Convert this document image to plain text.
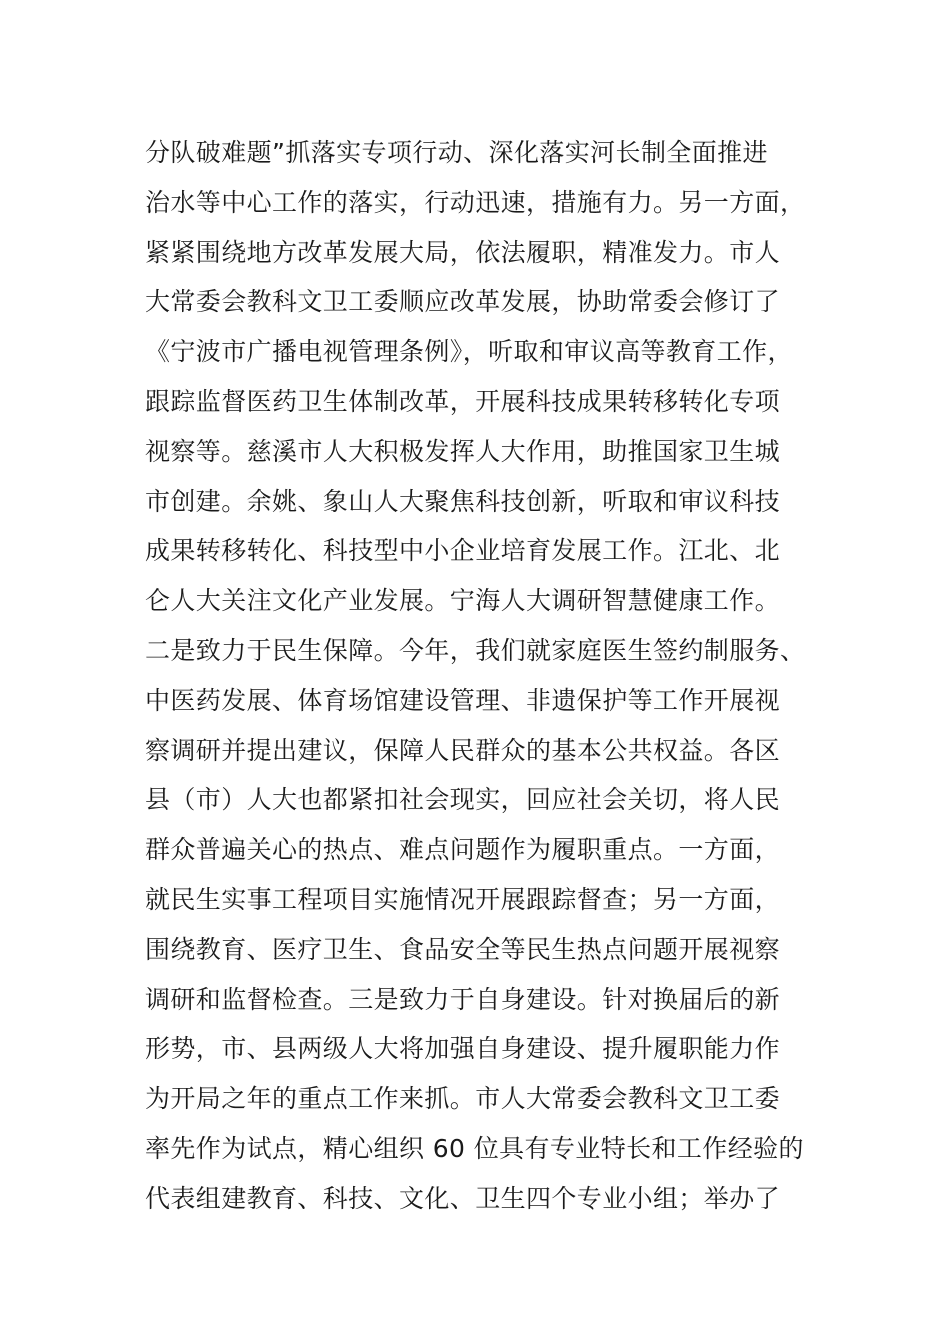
分队破难题”抓落实专项行动、深化落实河长制全面推进
治水等中心工作的落实，行动迅速，措施有力。另一方面，
紧紧围绕地方改革发展大局，依法履职，精准发力。市人
大常委会教科文卫工委顺应改革发展，协助常委会修订了
《宁波市广播电视管理条例》，听取和审议高等教育工作，
跟踪监督医药卫生体制改革，开展科技成果转移转化专项
视察等。慈溪市人大积极发挥人大作用，助推国家卫生城
市创建。余姚、象山人大聚焦科技创新，听取和审议科技
成果转移转化、科技型中小企业培育发展工作。江北、北
仑人大关注文化产业发展。宁海人大调研智慧健康工作。
二是致力于民生保障。今年，我们就家庭医生签约制服务、
中医药发展、体育场馆建设管理、非遗保护等工作开展视
察调研并提出建议，保障人民群众的基本公共权益。各区
县（市）人大也都紧扣社会现实，回应社会关切，将人民
群众普遍关心的热点、难点问题作为履职重点。一方面，
就民生实事工程项目实施情况开展跟踪督查；另一方面，
围绕教育、医疗卫生、食品安全等民生热点问题开展视察
调研和监督检查。三是致力于自身建设。针对换届后的新
形势，市、县两级人大将加强自身建设、提升履职能力作
为开局之年的重点工作来抓。市人大常委会教科文卫工委
率先作为试点，精心组织 60 位具有专业特长和工作经验的
代表组建教育、科技、文化、卫生四个专业小组；举办了
